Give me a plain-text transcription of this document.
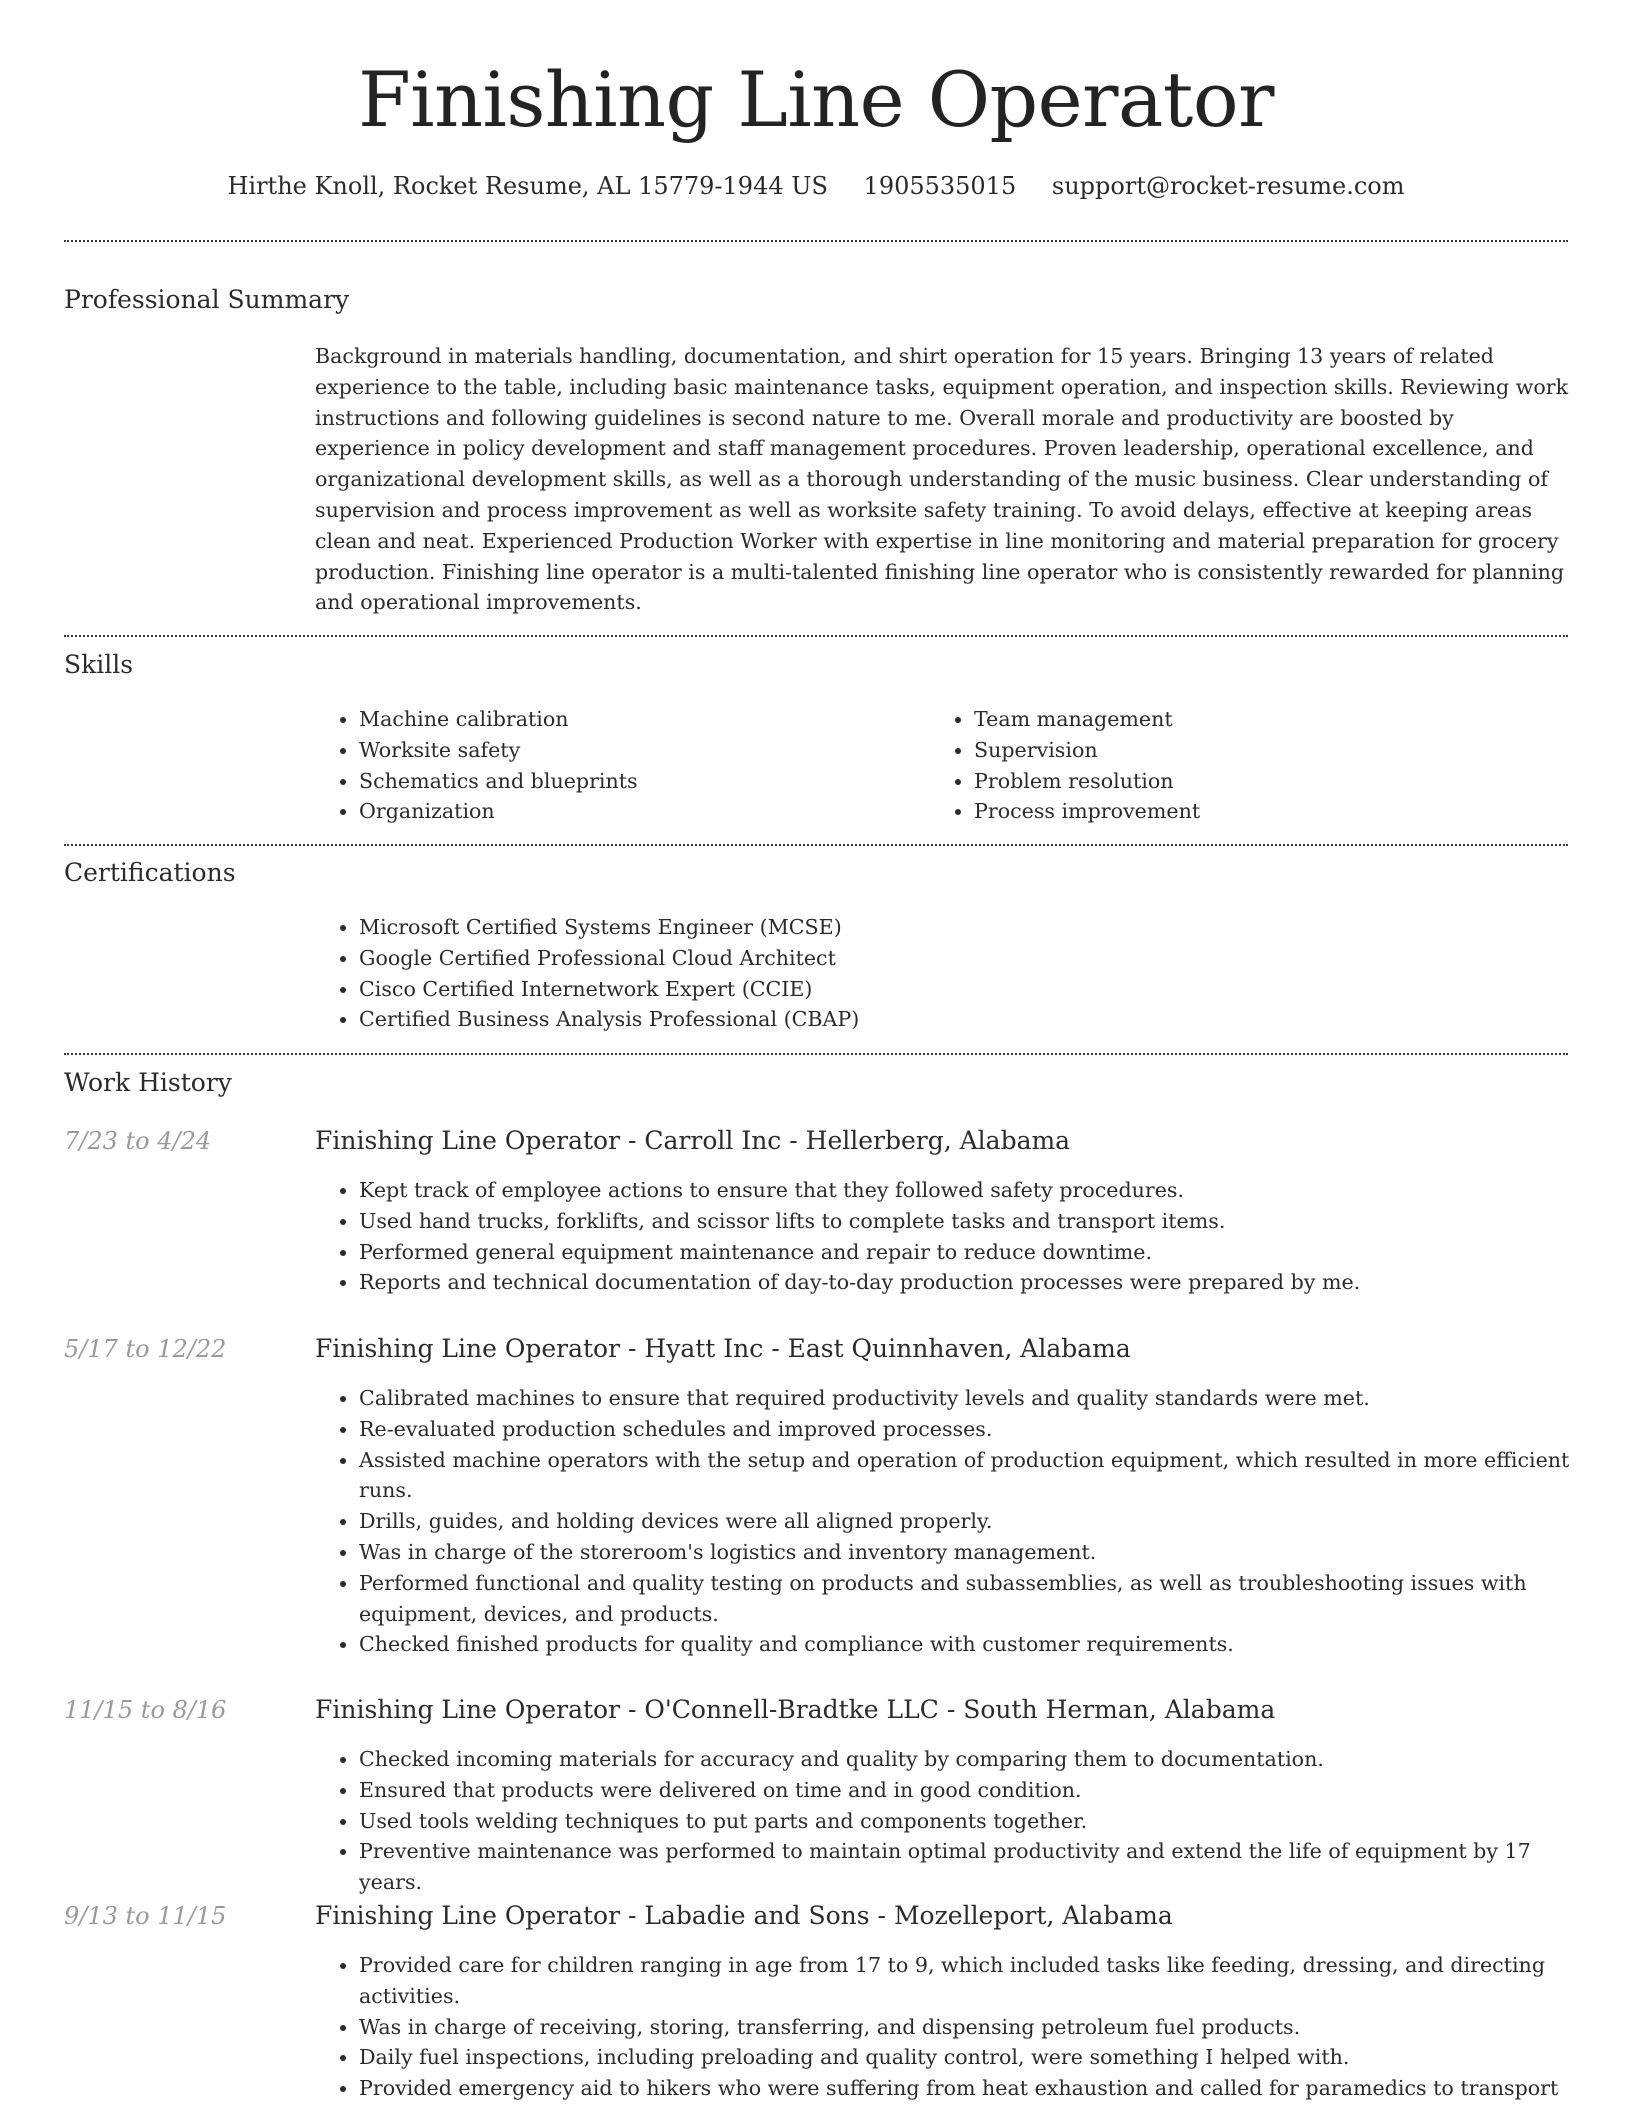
Finishing Line Operator
Hirthe Knoll, Rocket Resume, AL 15779-1944 US 1905535015 support@rocket-resume.com
Professional Summary

Background in materials handling, documentation, and shirt operation for 15 years. Bringing 13 years of related experience to the table, including basic maintenance tasks, equipment operation, and inspection skills. Reviewing work instructions and following guidelines is second nature to me. Overall morale and productivity are boosted by experience in policy development and staff management procedures. Proven leadership, operational excellence, and organizational development skills, as well as a thorough understanding of the music business. Clear understanding of supervision and process improvement as well as worksite safety training. To avoid delays, effective at keeping areas clean and neat. Experienced Production Worker with expertise in line monitoring and material preparation for grocery production. Finishing line operator is a multi-talented finishing line operator who is consistently rewarded for planning and operational improvements.

Skills
• Machine calibration
• Worksite safety
• Schematics and blueprints
• Organization
• Team management
• Supervision
• Problem resolution
• Process improvement
Certifications
• Microsoft Certified Systems Engineer (MCSE)
• Google Certified Professional Cloud Architect
• Cisco Certified Internetwork Expert (CCIE)
• Certified Business Analysis Professional (CBAP)
Work History
7/23 to 4/24	Finishing Line Operator - Carroll Inc - Hellerberg, Alabama
• Kept track of employee actions to ensure that they followed safety procedures.
• Used hand trucks, forklifts, and scissor lifts to complete tasks and transport items.
• Performed general equipment maintenance and repair to reduce downtime.
• Reports and technical documentation of day-to-day production processes were prepared by me.
5/17 to 12/22	Finishing Line Operator - Hyatt Inc - East Quinnhaven, Alabama
• Calibrated machines to ensure that required productivity levels and quality standards were met.
• Re-evaluated production schedules and improved processes.
• Assisted machine operators with the setup and operation of production equipment, which resulted in more efficient runs.
• Drills, guides, and holding devices were all aligned properly.
• Was in charge of the storeroom's logistics and inventory management.
• Performed functional and quality testing on products and subassemblies, as well as troubleshooting issues with equipment, devices, and products.
• Checked finished products for quality and compliance with customer requirements.
11/15 to 8/16	Finishing Line Operator - O'Connell-Bradtke LLC - South Herman, Alabama
• Checked incoming materials for accuracy and quality by comparing them to documentation.
• Ensured that products were delivered on time and in good condition.
• Used tools welding techniques to put parts and components together.
• Preventive maintenance was performed to maintain optimal productivity and extend the life of equipment by 17 years.
9/13 to 11/15	Finishing Line Operator - Labadie and Sons - Mozelleport, Alabama
• Provided care for children ranging in age from 17 to 9, which included tasks like feeding, dressing, and directing activities.
• Was in charge of receiving, storing, transferring, and dispensing petroleum fuel products.
• Daily fuel inspections, including preloading and quality control, were something I helped with.
• Provided emergency aid to hikers who were suffering from heat exhaustion and called for paramedics to transport
